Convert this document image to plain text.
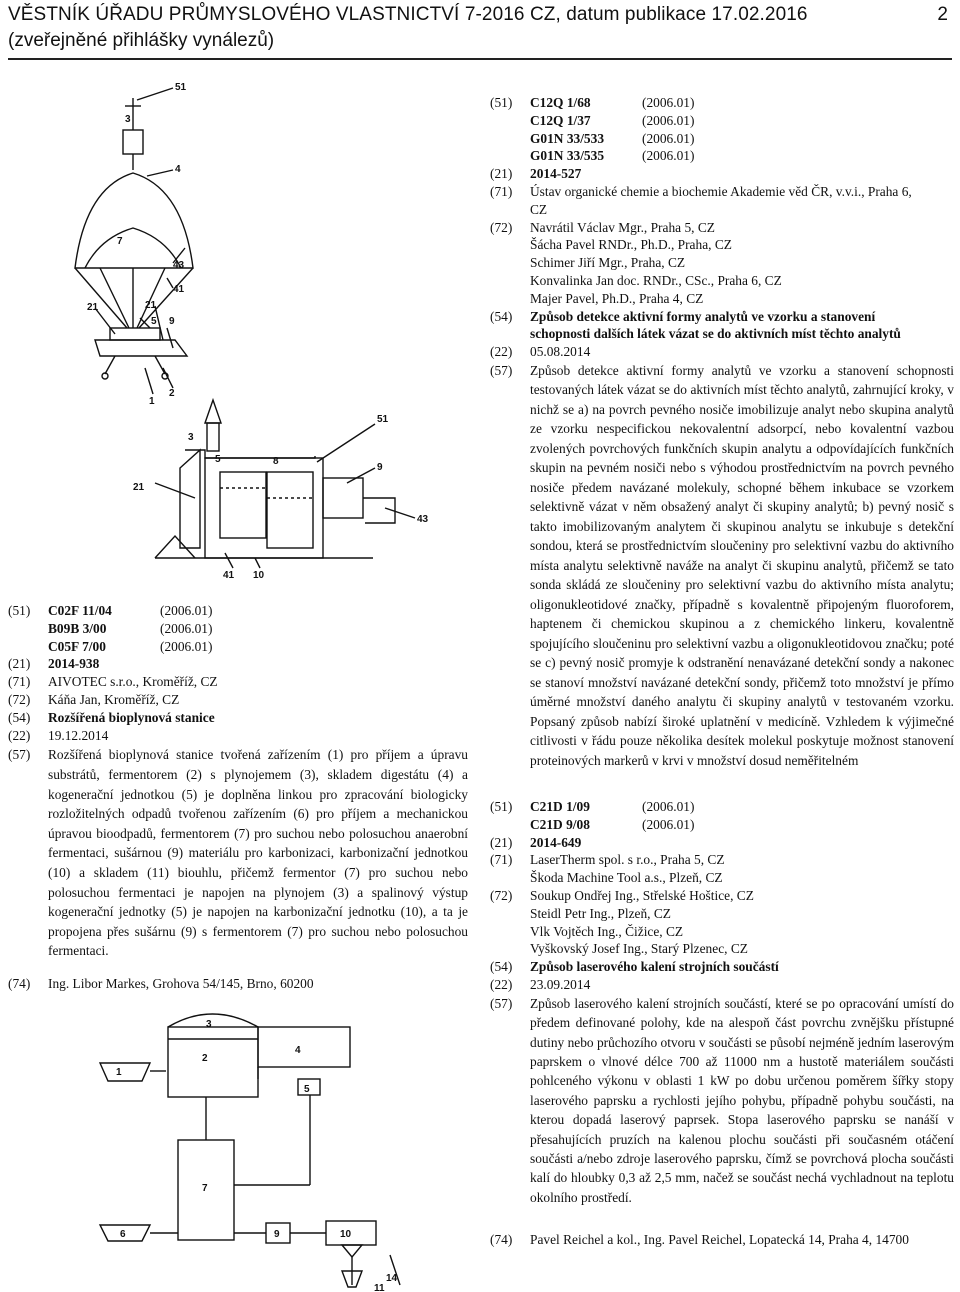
VĚSTNÍK ÚŘADU PRŮMYSLOVÉHO VLASTNICTVÍ 7-2016 CZ, datum publikace 17.02.2016
(zveřejněné přihlášky vynálezů)
2
51
3
4
7
43
41
21	21
5 9
2
1
51
3
9
5	8
21
43
41 10
(51) C02F 11/04	(2006.01)
B09B 3/00	(2006.01)
C05F 7/00	(2006.01)
(21) 2014-938
(71) AIVOTEC s.r.o., Kroměříž, CZ
(72) Káňa Jan, Kroměříž, CZ
(54) Rozšířená bioplynová stanice
(22) 19.12.2014
(57) Rozšířená bioplynová stanice tvořená zařízením (1) pro příjem a úpravu substrátů, fermentorem (2) s plynojemem (3), skladem digestátu (4) a kogenerační jednotkou (5) je doplněna linkou pro zpracování biologicky rozložitelných odpadů tvořenou zařízením (6) pro příjem a mechanickou úpravou bioodpadů, fermentorem (7) pro suchou nebo polosuchou anaerobní fermentaci, sušárnou (9) materiálu pro karbonizaci, karbonizační jednotkou (10) a skladem (11) biouhlu, přičemž fermentor (7) pro suchou nebo polosuchou fermentaci je napojen na plynojem (3) a spalinový výstup kogenerační jednotky (5) je napojen na karbonizační jednotku (10), a ta je propojena přes sušárnu (9) s fermentorem (7) pro suchou nebo polosuchou fermentaci.
(74) Ing. Libor Markes, Grohova 54/145, Brno, 60200
1
3
2
4
5
7
6	9	10
14
11
(51) C12Q 1/68	(2006.01)
C12Q 1/37	(2006.01)
G01N 33/533	(2006.01)
G01N 33/535	(2006.01)
(21) 2014-527
(71) Ústav organické chemie a biochemie Akademie věd ČR, v.v.i., Praha 6,
CZ
(72) Navrátil Václav Mgr., Praha 5, CZ
Šácha Pavel RNDr., Ph.D., Praha, CZ
Schimer Jiří Mgr., Praha, CZ
Konvalinka Jan doc. RNDr., CSc., Praha 6, CZ
Majer Pavel, Ph.D., Praha 4, CZ
(54) Způsob detekce aktivní formy analytů ve vzorku a stanovení
schopnosti dalších látek vázat se do aktivních míst těchto analytů
(22) 05.08.2014
(57) Způsob detekce aktivní formy analytů ve vzorku a stanovení schopnosti testovaných látek vázat se do aktivních míst těchto analytů, zahrnující kroky, v nichž se a) na povrch pevného nosiče imobilizuje analyt nebo skupina analytů ze vzorku nespecifickou nekovalentní adsorpcí, nebo kovalentní vazbou zvolených povrchových funkčních skupin analytu a odpovídajících funkčních skupin na pevném nosiči nebo s výhodou prostřednictvím na povrch pevného nosiče předem navázané molekuly, schopné během inkubace se vzorkem selektivně vázat v něm obsažený analyt či skupiny analytů; b) pevný nosič s takto imobilizovaným analytem či skupinou analytu se inkubuje s detekční sondou, která se prostřednictvím sloučeniny pro selektivní vazbu do aktivního místa analytu selektivně naváže na analyt či skupinu analytů, přičemž se tato sonda skládá ze sloučeniny pro selektivní vazbu do aktivního místa analytu; oligonukleotidové značky, případně s kovalentně připojeným fluoroforem, haptenem či chemickou skupinou a z chemického linkeru, kovalentně spojujícího sloučeninu pro selektivní vazbu a oligonukleotidovou značku; poté se c) pevný nosič promyje k odstranění nenavázané detekční sondy a nakonec se stanoví množství navázané detekční sondy, přičemž toto množství je přímo úměrné množství daného analytu či skupiny analytů v testovaném vzorku. Popsaný způsob nabízí široké uplatnění v medicíně. Vzhledem k výjimečné citlivosti v řádu pouze několika desítek molekul poskytuje možnost stanovení proteinových markerů v krvi v množství dosud neměřitelném
(51) C21D 1/09	(2006.01)
C21D 9/08	(2006.01)
(21) 2014-649
(71) LaserTherm spol. s r.o., Praha 5, CZ
Škoda Machine Tool a.s., Plzeň, CZ
(72) Soukup Ondřej Ing., Střelské Hoštice, CZ
Steidl Petr Ing., Plzeň, CZ
Vlk Vojtěch Ing., Čižice, CZ
Vyškovský Josef Ing., Starý Plzenec, CZ
(54) Způsob laserového kalení strojních součástí
(22) 23.09.2014
(57) Způsob laserového kalení strojních součástí, které se po opracování umístí do předem definované polohy, kde na alespoň část povrchu zvnějšku přístupné dutiny nebo průchozího otvoru v součásti se působí nejméně jedním laserovým paprskem o vlnové délce 700 až 11000 nm a hustotě materiálem součásti pohlceného výkonu v oblasti 1 kW po dobu určenou poměrem šířky stopy laserového paprsku a rychlosti jejího pohybu, případně pohybu součásti, na kterou dopadá laserový paprsek. Stopa laserového paprsku se nanáší v přesahujících pruzích na kalenou plochu součásti při současném otáčení součásti a/nebo zdroje laserového paprsku, čímž se povrchová plocha součásti kalí do hloubky 0,3 až 2,5 mm, načež se součást nechá vychladnout na teplotu okolního prostředí.
(74) Pavel Reichel a kol., Ing. Pavel Reichel, Lopatecká 14, Praha 4, 14700
